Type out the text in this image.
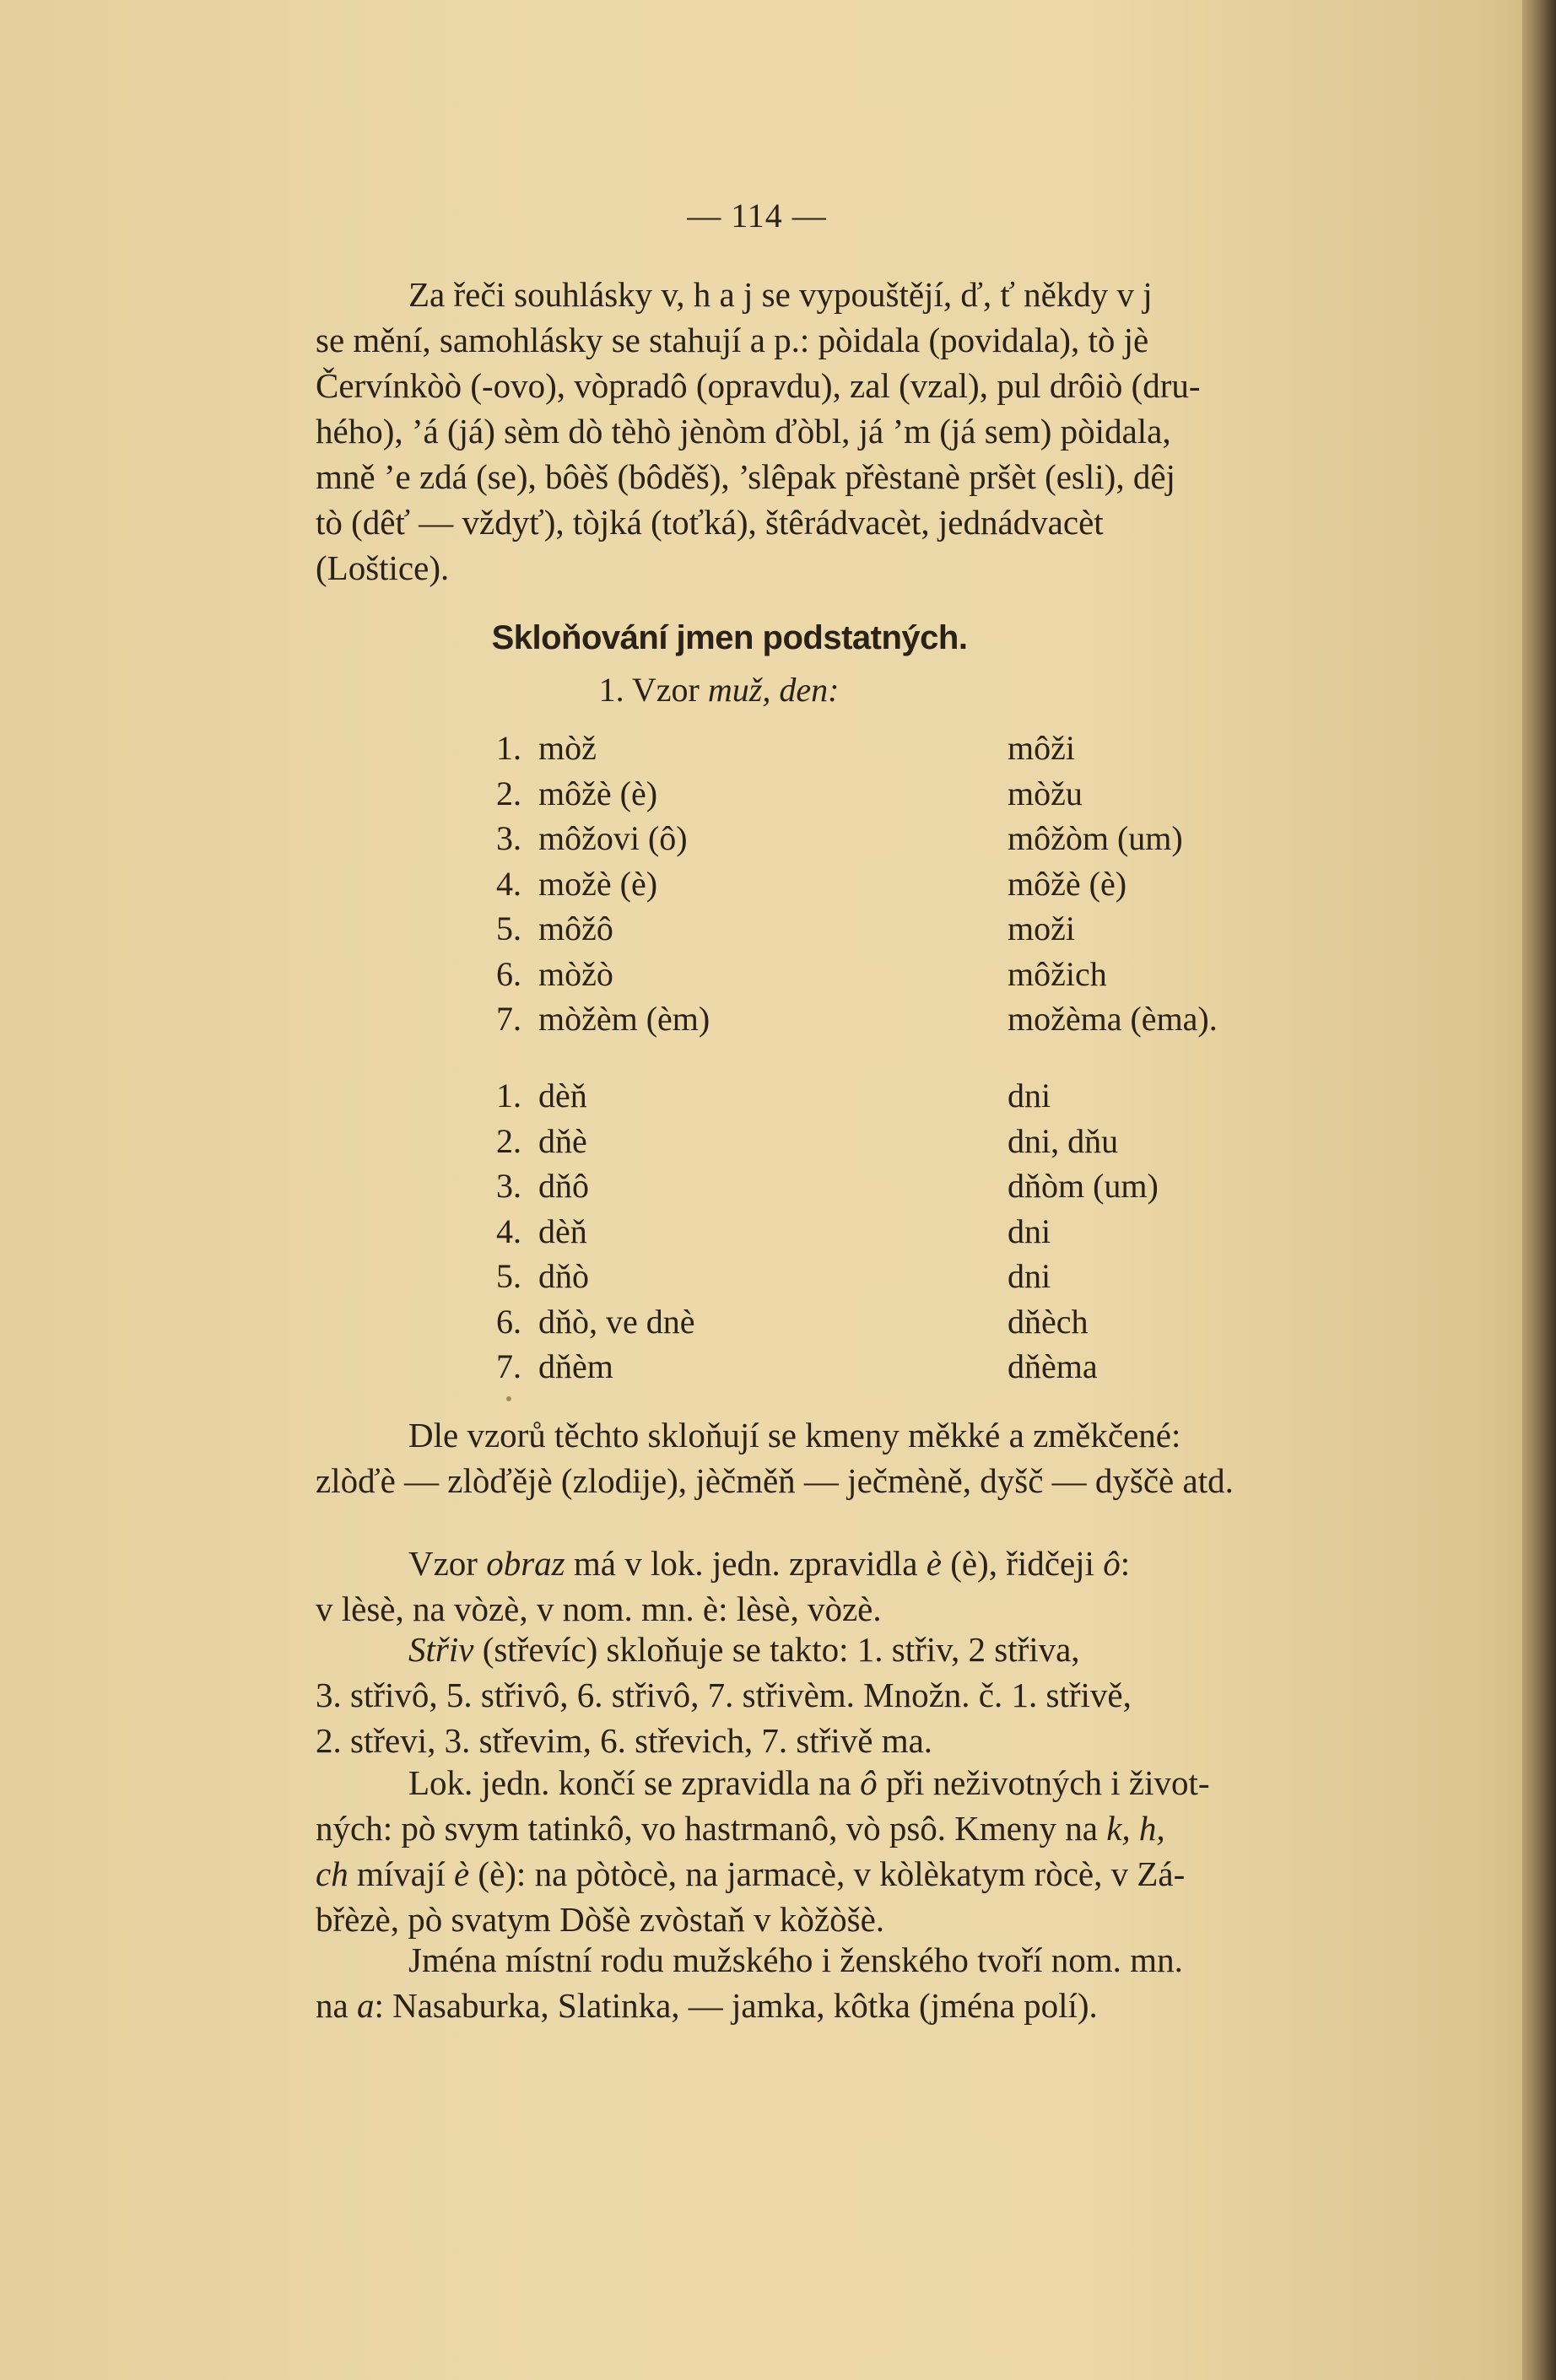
— 114 —

Za řeči souhlásky v, h a j se vypouštějí, ď, ť někdy v j
se mění, samohlásky se stahují a p.: pòidala (povidala), tò jè
Červínkòò (-ovo), vòpradô (opravdu), zal (vzal), pul drôiò (dru-
hého), ’á (já) sèm dò tèhò jènòm ďòbl, já ’m (já sem) pòidala,
mně ’e zdá (se), bôèš (bôděš), ’slêpak přèstanè pršèt (esli), dêj
tò (dêť — vždyť), tòjká (toťká), štêrádvacèt, jednádvacèt
(Loštice).

Skloňování jmen podstatných.
1. Vzor muž, den:
1. mòž	môži
2. môžè (è)	mòžu
3. môžovi (ô)	môžòm (um)
4. možè (è)	môžè (è)
5. môžô	moži
6. mòžò	môžich
7. mòžèm (èm)	možèma (èma).
1. dèň	dni
2. dňè	dni, dňu
3. dňô	dňòm (um)
4. dèň	dni
5. dňò	dni
6. dňò, ve dnè	dňèch
7. dňèm	dňèma

Dle vzorů těchto skloňují se kmeny měkké a změkčené:
zlòďè — zlòďějè (zlodije), jèčměň — ječmèně, dyšč — dyščè atd.

Vzor obraz má v lok. jedn. zpravidla è (è), řidčeji ô:
v lèsè, na vòzè, v nom. mn. è: lèsè, vòzè.

Střiv (střevíc) skloňuje se takto: 1. střiv, 2 střiva,
3. střivô, 5. střivô, 6. střivô, 7. střivèm. Množn. č. 1. střivě,
2. střevi, 3. střevim, 6. střevich, 7. střivě ma.

Lok. jedn. končí se zpravidla na ô při neživotných i život-
ných: pò svym tatinkô, vo hastrmanô, vò psô. Kmeny na k, h,
ch mívají è (è): na pòtòcè, na jarmacè, v kòlèkatym ròcè, v Zá-
břèzè, pò svatym Dòšè zvòstaň v kòžòšè.

Jména místní rodu mužského i ženského tvoří nom. mn.
na a: Nasaburka, Slatinka, — jamka, kôtka (jména polí).
